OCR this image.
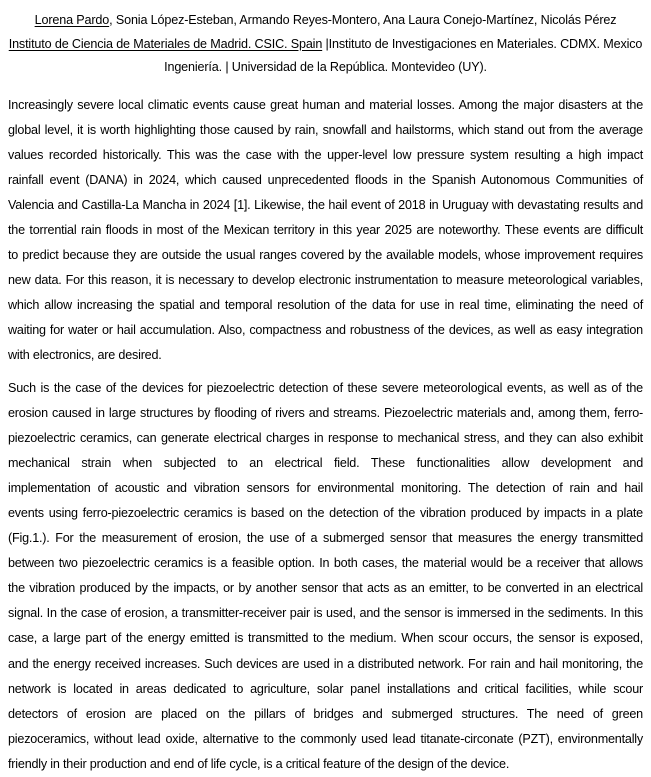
Lorena Pardo, Sonia López-Esteban, Armando Reyes-Montero, Ana Laura Conejo-Martínez, Nicolás Pérez
Instituto de Ciencia de Materiales de Madrid. CSIC. Spain |Instituto de Investigaciones en Materiales. CDMX. Mexico
Ingeniería. | Universidad de la República. Montevideo (UY).

Increasingly severe local climatic events cause great human and material losses. Among the major disasters at the
global level, it is worth highlighting those caused by rain, snowfall and hailstorms, which stand out from the average
values recorded historically. This was the case with the upper-level low pressure system resulting a high impact
rainfall event (DANA) in 2024, which caused unprecedented floods in the Spanish Autonomous Communities of
Valencia and Castilla-La Mancha in 2024 [1]. Likewise, the hail event of 2018 in Uruguay with devastating results and
the torrential rain floods in most of the Mexican territory in this year 2025 are noteworthy. These events are difficult
to predict because they are outside the usual ranges covered by the available models, whose improvement requires
new data. For this reason, it is necessary to develop electronic instrumentation to measure meteorological variables,
which allow increasing the spatial and temporal resolution of the data for use in real time, eliminating the need of
waiting for water or hail accumulation. Also, compactness and robustness of the devices, as well as easy integration
with electronics, are desired.

Such is the case of the devices for piezoelectric detection of these severe meteorological events, as well as of the
erosion caused in large structures by flooding of rivers and streams. Piezoelectric materials and, among them, ferro-
piezoelectric ceramics, can generate electrical charges in response to mechanical stress, and they can also exhibit
mechanical strain when subjected to an electrical field. These functionalities allow development and
implementation of acoustic and vibration sensors for environmental monitoring. The detection of rain and hail
events using ferro-piezoelectric ceramics is based on the detection of the vibration produced by impacts in a plate
(Fig.1.). For the measurement of erosion, the use of a submerged sensor that measures the energy transmitted
between two piezoelectric ceramics is a feasible option. In both cases, the material would be a receiver that allows
the vibration produced by the impacts, or by another sensor that acts as an emitter, to be converted in an electrical
signal. In the case of erosion, a transmitter-receiver pair is used, and the sensor is immersed in the sediments. In this
case, a large part of the energy emitted is transmitted to the medium. When scour occurs, the sensor is exposed,
and the energy received increases. Such devices are used in a distributed network. For rain and hail monitoring, the
network is located in areas dedicated to agriculture, solar panel installations and critical facilities, while scour
detectors of erosion are placed on the pillars of bridges and submerged structures. The need of green
piezoceramics, without lead oxide, alternative to the commonly used lead titanate-circonate (PZT), environmentally
friendly in their production and end of life cycle, is a critical feature of the design of the device.
